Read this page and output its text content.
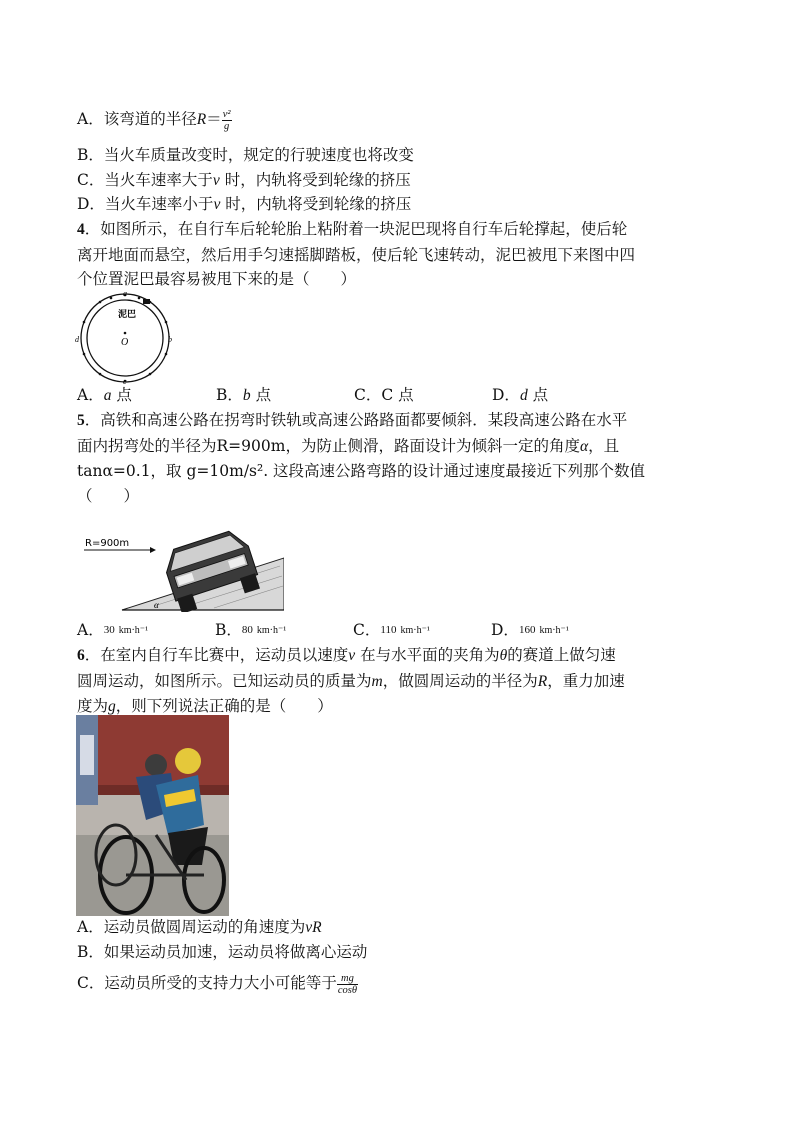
A．该弯道的半径$R= \frac{\text{v²}}{g}$
B．当火车质量改变时，规定的行驶速度也将改变
C．当火车速率大于v 时，内轨将受到轮缘的挤压
D．当火车速率小于v 时，内轨将受到轮缘的挤压
4．如图所示，在自行车后轮轮胎上粘附着一块泥巴现将自行车后轮撑起，使后轮
离开地面而悬空，然后用手匀速摇脚踏板，使后轮飞速转动，泥巴被甩下来图中四
个位置泥巴最容易被甩下来的是（　　）
泥巴
O
a
b
c
d
A．a 点	B．b 点	C．C 点	D．d 点
5．高铁和高速公路在拐弯时铁轨或高速公路路面都要倾斜．某段高速公路在水平
面内拐弯处的半径为R=900m，为防止侧滑，路面设计为倾斜一定的角度α，且
tanα=0.1，取 g=10m/s². 这段高速公路弯路的设计通过速度最接近下列那个数值
（　　）
R=900m
α
A．30 km·h⁻¹	B．80 km·h⁻¹	C．110 km·h⁻¹	D．160 km·h⁻¹
6．在室内自行车比赛中，运动员以速度v 在与水平面的夹角为θ的赛道上做匀速
圆周运动，如图所示。已知运动员的质量为m，做圆周运动的半径为R，重力加速
度为g，则下列说法正确的是（　　）
A．运动员做圆周运动的角速度为vR
B．如果运动员加速，运动员将做离心运动
C．运动员所受的支持力大小可能等于 $\frac{mg}{\cos\theta}$
